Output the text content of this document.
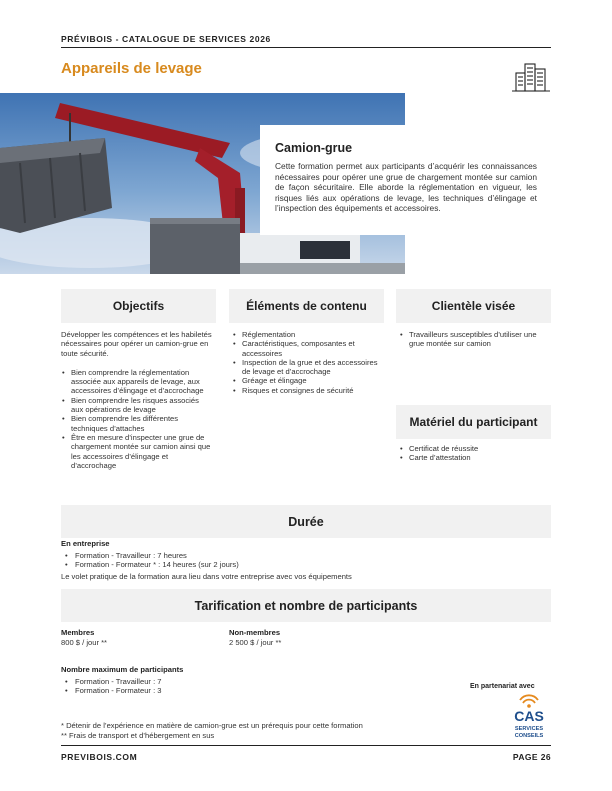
PRÉVIBOIS - CATALOGUE DE SERVICES 2026
Appareils de levage
Camion-grue

Cette formation permet aux participants d’acquérir les connaissances nécessaires pour opérer une grue de chargement montée sur camion de façon sécuritaire. Elle aborde la réglementation en vigueur, les risques liés aux opérations de levage, les techniques d’élingage et l’inspection des équipements et accessoires.

Objectifs	Éléments de contenu	Clientèle visée

Développer les compétences et les habiletés nécessaires pour opérer un camion-grue en toute sécurité.

• Bien comprendre la réglementation associée aux appareils de levage, aux accessoires d’élingage et d’accrochage
• Bien comprendre les risques associés aux opérations de levage
• Bien comprendre les différentes techniques d’attaches
• Être en mesure d’inspecter une grue de chargement montée sur camion ainsi que les accessoires d’élingage et d’accrochage
• Réglementation
• Caractéristiques, composantes et accessoires
• Inspection de la grue et des accessoires de levage et d’accrochage
• Gréage et élingage
• Risques et consignes de sécurité
• Travailleurs susceptibles d’utiliser une grue montée sur camion
Matériel du participant
• Certificat de réussite
• Carte d’attestation
Durée
En entreprise
• Formation - Travailleur : 7 heures
• Formation - Formateur * : 14 heures (sur 2 jours)
Le volet pratique de la formation aura lieu dans votre entreprise avec vos équipements
Tarification et nombre de participants
Membres
800 $ / jour **
Non-membres
2 500 $ / jour **
Nombre maximum de participants
• Formation - Travailleur : 7
• Formation - Formateur : 3	En partenariat avec
CAS
SERVICES
CONSEILS
* Détenir de l’expérience en matière de camion-grue est un prérequis pour cette formation
** Frais de transport et d’hébergement en sus
PREVIBOIS.COM	PAGE 26
